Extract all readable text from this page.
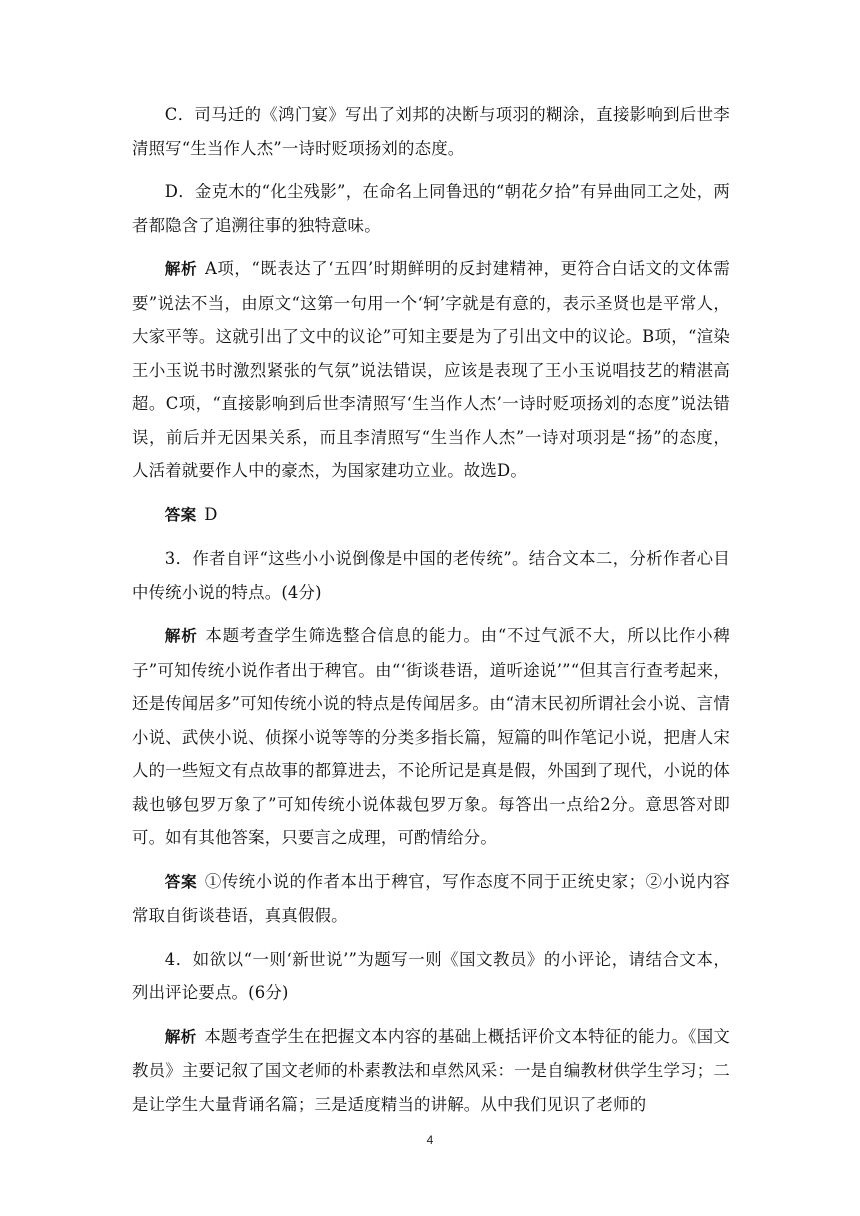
C．司马迁的《鸿门宴》写出了刘邦的决断与项羽的糊涂，直接影响到后世李清照写“生当作人杰”一诗时贬项扬刘的态度。

D．金克木的“化尘残影”，在命名上同鲁迅的“朝花夕拾”有异曲同工之处，两者都隐含了追溯往事的独特意味。

解析 A项，“既表达了‘五四’时期鲜明的反封建精神，更符合白话文的文体需要”说法不当，由原文“这第一句用一个‘轲’字就是有意的，表示圣贤也是平常人，大家平等。这就引出了文中的议论”可知主要是为了引出文中的议论。B项，“渲染王小玉说书时激烈紧张的气氛”说法错误，应该是表现了王小玉说唱技艺的精湛高超。C项，“直接影响到后世李清照写‘生当作人杰’一诗时贬项扬刘的态度”说法错误，前后并无因果关系，而且李清照写“生当作人杰”一诗对项羽是“扬”的态度，人活着就要作人中的豪杰，为国家建功立业。故选D。

答案 D

3．作者自评“这些小小说倒像是中国的老传统”。结合文本二，分析作者心目中传统小说的特点。(4分)

解析 本题考查学生筛选整合信息的能力。由“不过气派不大，所以比作小稗子”可知传统小说作者出于稗官。由“‘街谈巷语，道听途说’”“但其言行查考起来，还是传闻居多”可知传统小说的特点是传闻居多。由“清末民初所谓社会小说、言情小说、武侠小说、侦探小说等等的分类多指长篇，短篇的叫作笔记小说，把唐人宋人的一些短文有点故事的都算进去，不论所记是真是假，外国到了现代，小说的体裁也够包罗万象了”可知传统小说体裁包罗万象。每答出一点给2分。意思答对即可。如有其他答案，只要言之成理，可酌情给分。

答案 ①传统小说的作者本出于稗官，写作态度不同于正统史家；②小说内容常取自街谈巷语，真真假假。

4．如欲以“一则‘新世说’”为题写一则《国文教员》的小评论，请结合文本，列出评论要点。(6分)

解析 本题考查学生在把握文本内容的基础上概括评价文本特征的能力。《国文教员》主要记叙了国文老师的朴素教法和卓然风采：一是自编教材供学生学习；二是让学生大量背诵名篇；三是适度精当的讲解。从中我们见识了老师的

4
